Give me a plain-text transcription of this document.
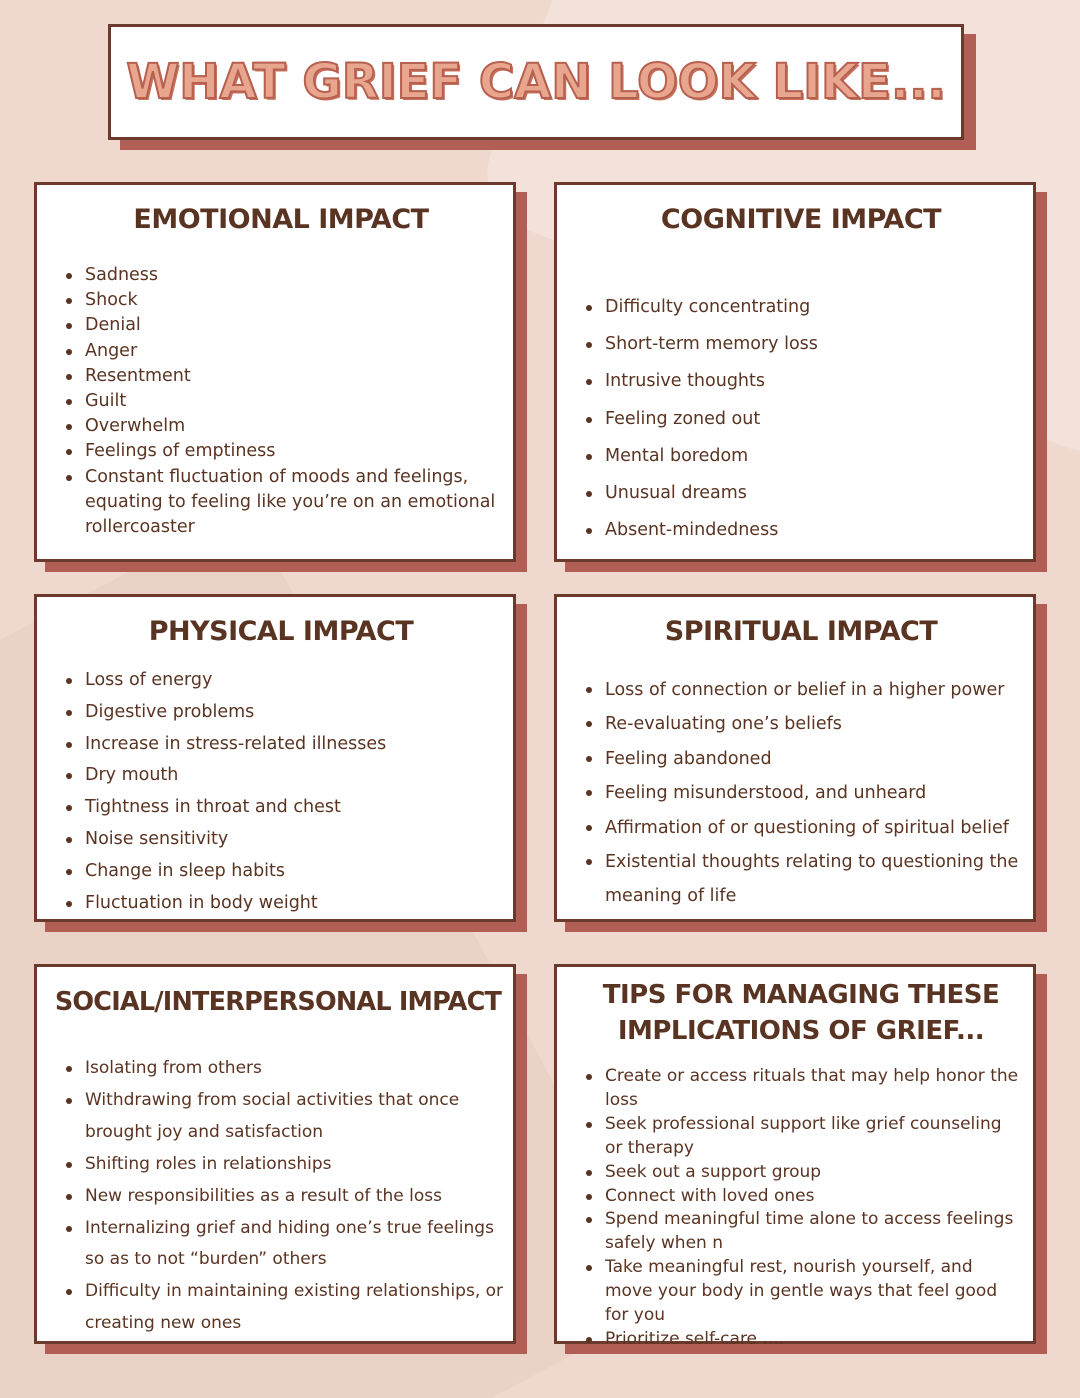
WHAT GRIEF CAN LOOK LIKE...
EMOTIONAL IMPACT
Sadness
Shock
Denial
Anger
Resentment
Guilt
Overwhelm
Feelings of emptiness
Constant fluctuation of moods and feelings, equating to feeling like you’re on an emotional rollercoaster
COGNITIVE IMPACT
Difficulty concentrating
Short-term memory loss
Intrusive thoughts
Feeling zoned out
Mental boredom
Unusual dreams
Absent-mindedness
PHYSICAL IMPACT
Loss of energy
Digestive problems
Increase in stress-related illnesses
Dry mouth
Tightness in throat and chest
Noise sensitivity
Change in sleep habits
Fluctuation in body weight
SPIRITUAL IMPACT
Loss of connection or belief in a higher power
Re-evaluating one’s beliefs
Feeling abandoned
Feeling misunderstood, and unheard
Affirmation of or questioning of spiritual belief
Existential thoughts relating to questioning the meaning of life
SOCIAL/INTERPERSONAL IMPACT
Isolating from others
Withdrawing from social activities that once brought joy and satisfaction
Shifting roles in relationships
New responsibilities as a result of the loss
Internalizing grief and hiding one’s true feelings so as to not “burden” others
Difficulty in maintaining existing relationships, or creating new ones
TIPS FOR MANAGING THESE IMPLICATIONS OF GRIEF...
Create or access rituals that may help honor the loss
Seek professional support like grief counseling or therapy
Seek out a support group
Connect with loved ones
Spend meaningful time alone to access feelings safely when n
Take meaningful rest, nourish yourself, and move your body in gentle ways that feel good for you
Prioritize self-care ....
